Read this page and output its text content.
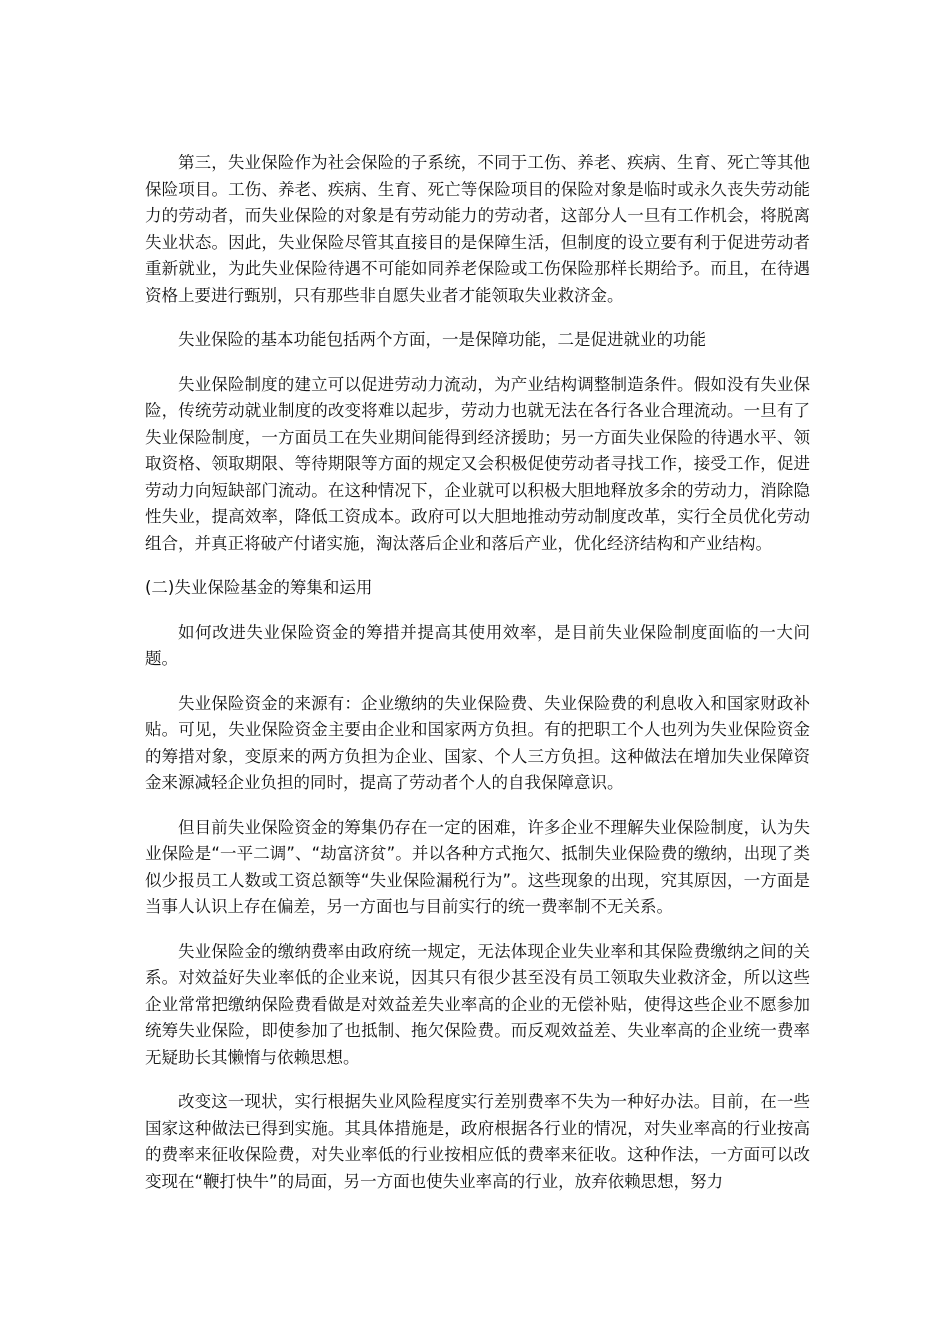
第三，失业保险作为社会保险的子系统，不同于工伤、养老、疾病、生育、死亡等其他保险项目。工伤、养老、疾病、生育、死亡等保险项目的保险对象是临时或永久丧失劳动能力的劳动者，而失业保险的对象是有劳动能力的劳动者，这部分人一旦有工作机会，将脱离失业状态。因此，失业保险尽管其直接目的是保障生活，但制度的设立要有利于促进劳动者重新就业，为此失业保险待遇不可能如同养老保险或工伤保险那样长期给予。而且，在待遇资格上要进行甄别，只有那些非自愿失业者才能领取失业救济金。

失业保险的基本功能包括两个方面，一是保障功能，二是促进就业的功能

失业保险制度的建立可以促进劳动力流动，为产业结构调整制造条件。假如没有失业保险，传统劳动就业制度的改变将难以起步，劳动力也就无法在各行各业合理流动。一旦有了失业保险制度，一方面员工在失业期间能得到经济援助；另一方面失业保险的待遇水平、领取资格、领取期限、等待期限等方面的规定又会积极促使劳动者寻找工作，接受工作，促进劳动力向短缺部门流动。在这种情况下，企业就可以积极大胆地释放多余的劳动力，消除隐性失业，提高效率，降低工资成本。政府可以大胆地推动劳动制度改革，实行全员优化劳动组合，并真正将破产付诸实施，淘汰落后企业和落后产业，优化经济结构和产业结构。

(二)失业保险基金的筹集和运用

如何改进失业保险资金的筹措并提高其使用效率，是目前失业保险制度面临的一大问题。

失业保险资金的来源有：企业缴纳的失业保险费、失业保险费的利息收入和国家财政补贴。可见，失业保险资金主要由企业和国家两方负担。有的把职工个人也列为失业保险资金的筹措对象，变原来的两方负担为企业、国家、个人三方负担。这种做法在增加失业保障资金来源减轻企业负担的同时，提高了劳动者个人的自我保障意识。

但目前失业保险资金的筹集仍存在一定的困难，许多企业不理解失业保险制度，认为失业保险是“一平二调”、“劫富济贫”。并以各种方式拖欠、抵制失业保险费的缴纳，出现了类似少报员工人数或工资总额等“失业保险漏税行为”。这些现象的出现，究其原因，一方面是当事人认识上存在偏差，另一方面也与目前实行的统一费率制不无关系。

失业保险金的缴纳费率由政府统一规定，无法体现企业失业率和其保险费缴纳之间的关系。对效益好失业率低的企业来说，因其只有很少甚至没有员工领取失业救济金，所以这些企业常常把缴纳保险费看做是对效益差失业率高的企业的无偿补贴，使得这些企业不愿参加统筹失业保险，即使参加了也抵制、拖欠保险费。而反观效益差、失业率高的企业统一费率无疑助长其懒惰与依赖思想。

改变这一现状，实行根据失业风险程度实行差别费率不失为一种好办法。目前，在一些国家这种做法已得到实施。其具体措施是，政府根据各行业的情况，对失业率高的行业按高的费率来征收保险费，对失业率低的行业按相应低的费率来征收。这种作法，一方面可以改变现在“鞭打快牛”的局面，另一方面也使失业率高的行业，放弃依赖思想，努力
